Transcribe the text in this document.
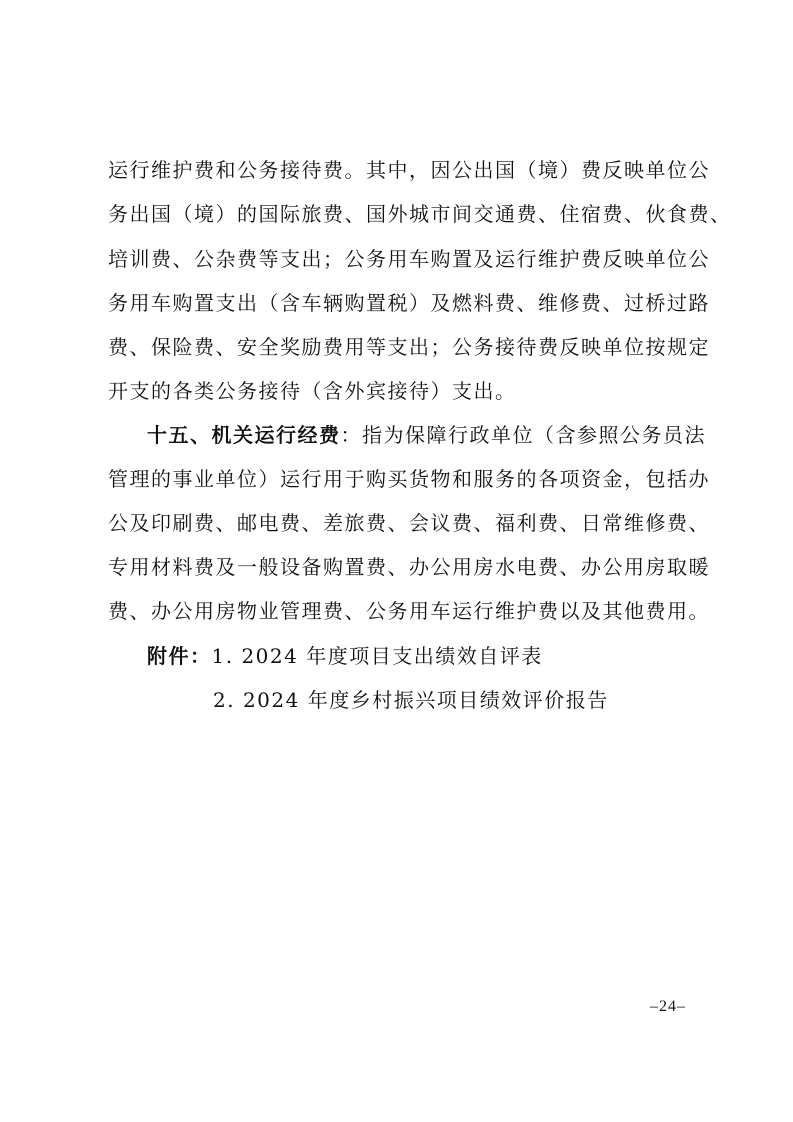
运行维护费和公务接待费。其中，因公出国（境）费反映单位公
务出国（境）的国际旅费、国外城市间交通费、住宿费、伙食费、
培训费、公杂费等支出；公务用车购置及运行维护费反映单位公
务用车购置支出（含车辆购置税）及燃料费、维修费、过桥过路
费、保险费、安全奖励费用等支出；公务接待费反映单位按规定
开支的各类公务接待（含外宾接待）支出。
十五、机关运行经费：指为保障行政单位（含参照公务员法
管理的事业单位）运行用于购买货物和服务的各项资金，包括办
公及印刷费、邮电费、差旅费、会议费、福利费、日常维修费、
专用材料费及一般设备购置费、办公用房水电费、办公用房取暖
费、办公用房物业管理费、公务用车运行维护费以及其他费用。
附件：1. 2024 年度项目支出绩效自评表
2. 2024 年度乡村振兴项目绩效评价报告
–24–
